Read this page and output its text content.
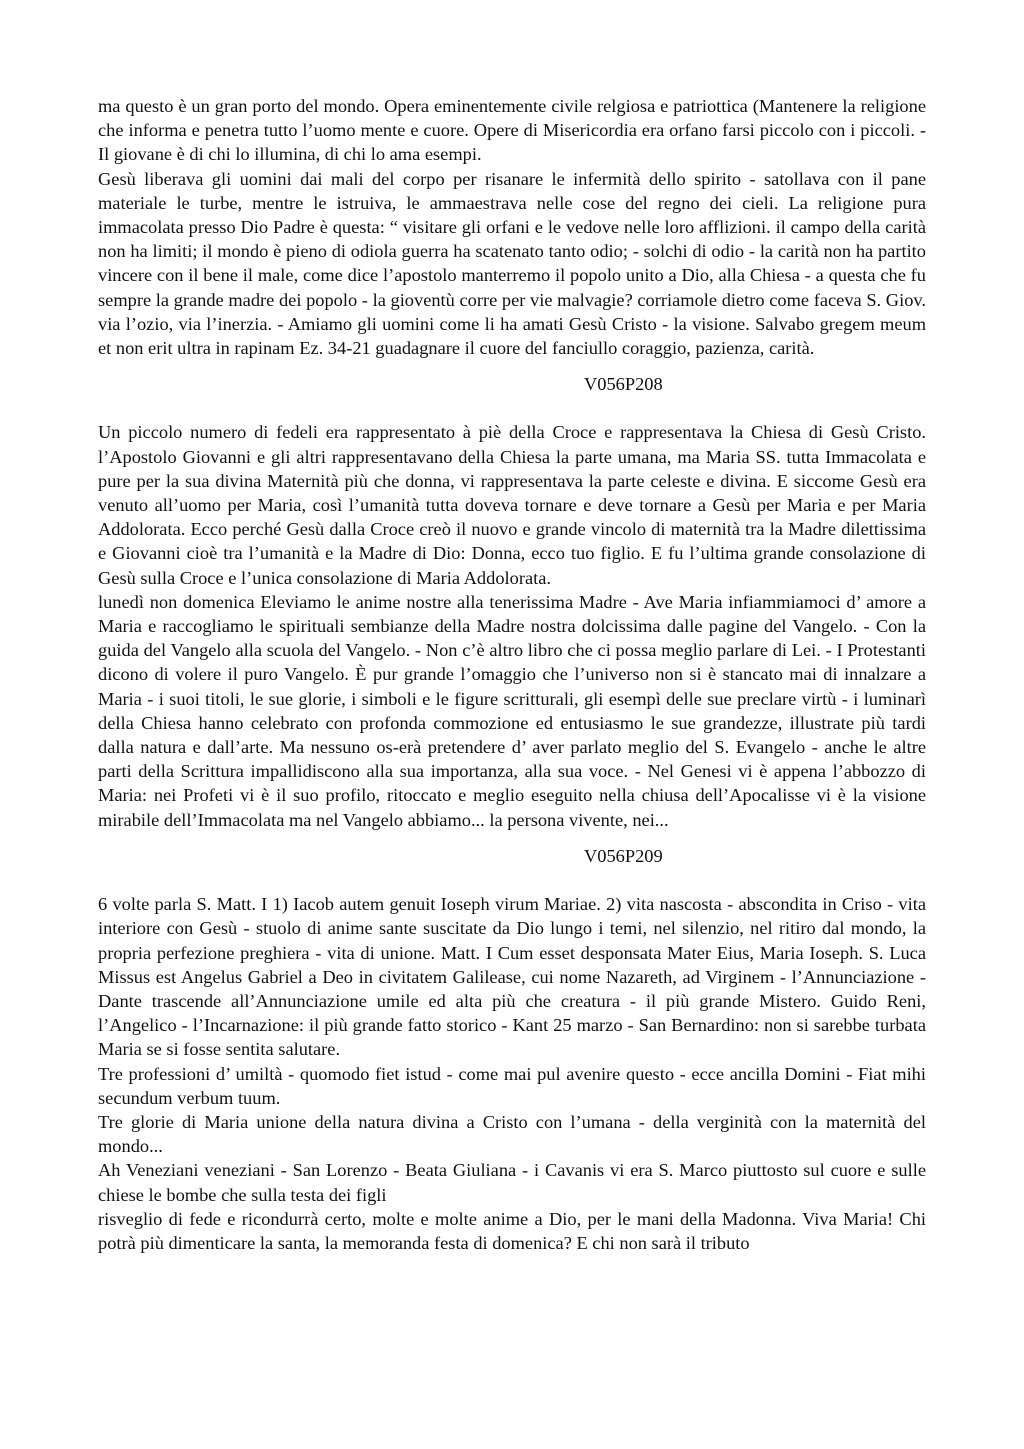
ma questo è un gran porto del mondo. Opera eminentemente civile relgiosa e patriottica (Mantenere la religione che informa e penetra tutto l’uomo mente e cuore. Opere di Misericordia era orfano farsi piccolo con i piccoli. - Il giovane è di chi lo illumina, di chi lo ama esempi.

Gesù liberava gli uomini dai mali del corpo per risanare le infermità dello spirito - satollava con il pane materiale le turbe, mentre le istruiva, le ammaestrava nelle cose del regno dei cieli. La religione pura immacolata presso Dio Padre è questa: “ visitare gli orfani e le vedove nelle loro afflizioni. il campo della carità non ha limiti; il mondo è pieno di odiola guerra ha scatenato tanto odio; - solchi di odio - la carità non ha partito vincere con il bene il male, come dice l’apostolo manterremo il popolo unito a Dio, alla Chiesa - a questa che fu sempre la grande madre dei popolo - la gioventù corre per vie malvagie? corriamole dietro come faceva S. Giov. via l’ozio, via l’inerzia. - Amiamo gli uomini come li ha amati Gesù Cristo - la visione. Salvabo gregem meum et non erit ultra in rapinam Ez. 34-21 guadagnare il cuore del fanciullo coraggio, pazienza, carità.

V056P208

Un piccolo numero di fedeli era rappresentato à piè della Croce e rappresentava la Chiesa di Gesù Cristo. l’Apostolo Giovanni e gli altri rappresentavano della Chiesa la parte umana, ma Maria SS. tutta Immacolata e pure per la sua divina Maternità più che donna, vi rappresentava la parte celeste e divina. E siccome Gesù era venuto all’uomo per Maria, così l’umanità tutta doveva tornare e deve tornare a Gesù per Maria e per Maria Addolorata. Ecco perché Gesù dalla Croce creò il nuovo e grande vincolo di maternità tra la Madre dilettissima e Giovanni cioè tra l’umanità e la Madre di Dio: Donna, ecco tuo figlio. E fu l’ultima grande consolazione di Gesù sulla Croce e l’unica consolazione di Maria Addolorata.

lunedì non domenica Eleviamo le anime nostre alla tenerissima Madre - Ave Maria infiammiamoci d’ amore a Maria e raccogliamo le spirituali sembianze della Madre nostra dolcissima dalle pagine del Vangelo. - Con la guida del Vangelo alla scuola del Vangelo. - Non c’è altro libro che ci possa meglio parlare di Lei. - I Protestanti dicono di volere il puro Vangelo. È pur grande l’omaggio che l’universo non si è stancato mai di innalzare a Maria - i suoi titoli, le sue glorie, i simboli e le figure scritturali, gli esempì delle sue preclare virtù - i luminarì della Chiesa hanno celebrato con profonda commozione ed entusiasmo le sue grandezze, illustrate più tardi dalla natura e dall’arte. Ma nessuno os-erà pretendere d’ aver parlato meglio del S. Evangelo - anche le altre parti della Scrittura impallidiscono alla sua importanza, alla sua voce. - Nel Genesi vi è appena l’abbozzo di Maria: nei Profeti vi è il suo profilo, ritoccato e meglio eseguito nella chiusa dell’Apocalisse vi è la visione mirabile dell’Immacolata ma nel Vangelo abbiamo... la persona vivente, nei...

V056P209

6 volte parla S. Matt. I 1) Iacob autem genuit Ioseph virum Mariae. 2) vita nascosta - abscondita in Criso - vita interiore con Gesù - stuolo di anime sante suscitate da Dio lungo i temi, nel silenzio, nel ritiro dal mondo, la propria perfezione preghiera - vita di unione. Matt. I Cum esset desponsata Mater Eius, Maria Ioseph. S. Luca Missus est Angelus Gabriel a Deo in civitatem Galilease, cui nome Nazareth, ad Virginem - l’Annunciazione - Dante trascende all’Annunciazione umile ed alta più che creatura - il più grande Mistero. Guido Reni, l’Angelico - l’Incarnazione: il più grande fatto storico - Kant 25 marzo - San Bernardino: non si sarebbe turbata Maria se si fosse sentita salutare.

Tre professioni d’ umiltà - quomodo fiet istud - come mai pul avenire questo - ecce ancilla Domini - Fiat mihi secundum verbum tuum.

Tre glorie di Maria unione della natura divina a Cristo con l’umana - della verginità con la maternità del mondo...

Ah Veneziani veneziani - San Lorenzo - Beata Giuliana - i Cavanis vi era S. Marco piuttosto sul cuore e sulle chiese le bombe che sulla testa dei figli

risveglio di fede e ricondurrà certo, molte e molte anime a Dio, per le mani della Madonna. Viva Maria! Chi potrà più dimenticare la santa, la memoranda festa di domenica? E chi non sarà il tributo
